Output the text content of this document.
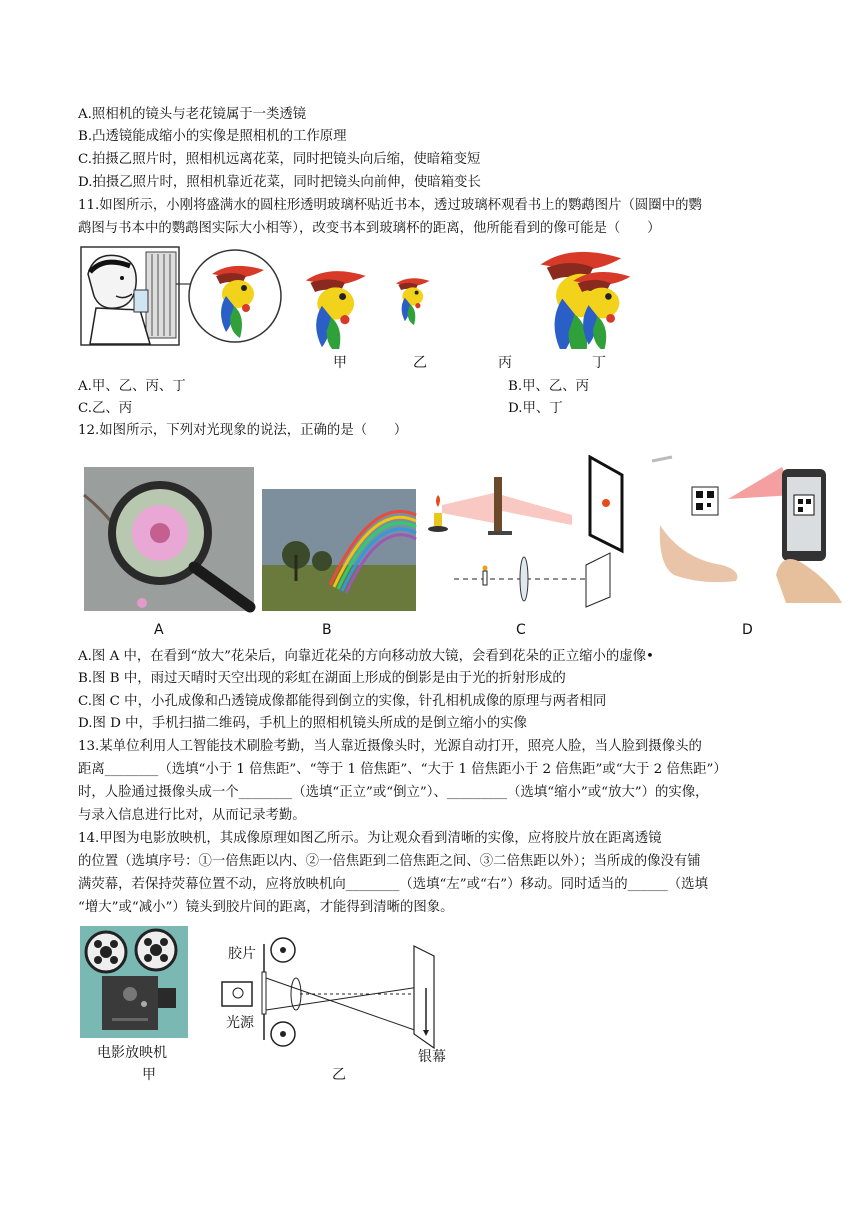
A.照相机的镜头与老花镜属于一类透镜
B.凸透镜能成缩小的实像是照相机的工作原理
C.拍摄乙照片时，照相机远离花菜，同时把镜头向后缩，使暗箱变短
D.拍摄乙照片时，照相机靠近花菜，同时把镜头向前伸，使暗箱变长
11.如图所示，小刚将盛满水的圆柱形透明玻璃杯贴近书本，透过玻璃杯观看书上的鹦鹉图片（圆圈中的鹦
鹉图与书本中的鹦鹉图实际大小相等），改变书本到玻璃杯的距离，他所能看到的像可能是（　　）
甲	乙	丙	丁
A.甲、乙、丙、丁	B.甲、乙、丙
C.乙、丙	D.甲、丁
12.如图所示，下列对光现象的说法，正确的是（　　）
A	B	C	D
A.图 A 中，在看到“放大”花朵后，向靠近花朵的方向移动放大镜，会看到花朵的正立缩小的虚像•
B.图 B 中，雨过天晴时天空出现的彩虹在湖面上形成的倒影是由于光的折射形成的
C.图 C 中，小孔成像和凸透镜成像都能得到倒立的实像，针孔相机成像的原理与两者相同
D.图 D 中，手机扫描二维码，手机上的照相机镜头所成的是倒立缩小的实像
13.某单位利用人工智能技术刷脸考勤，当人靠近摄像头时，光源自动打开，照亮人脸，当人脸到摄像头的
距离________（选填“小于 1 倍焦距”、“等于 1 倍焦距”、“大于 1 倍焦距小于 2 倍焦距”或“大于 2 倍焦距”）
时，人脸通过摄像头成一个________（选填“正立”或“倒立”）、_________（选填“缩小”或“放大”）的实像，
与录入信息进行比对，从而记录考勤。
14.甲图为电影放映机，其成像原理如图乙所示。为让观众看到清晰的实像，应将胶片放在距离透镜
的位置（选填序号：①一倍焦距以内、②一倍焦距到二倍焦距之间、③二倍焦距以外）；当所成的像没有铺
满荧幕，若保持荧幕位置不动，应将放映机向________（选填“左”或“右”）移动。同时适当的______（选填
“增大”或“减小”）镜头到胶片间的距离，才能得到清晰的图象。
电影放映机
甲
胶片
光源
银幕
乙
